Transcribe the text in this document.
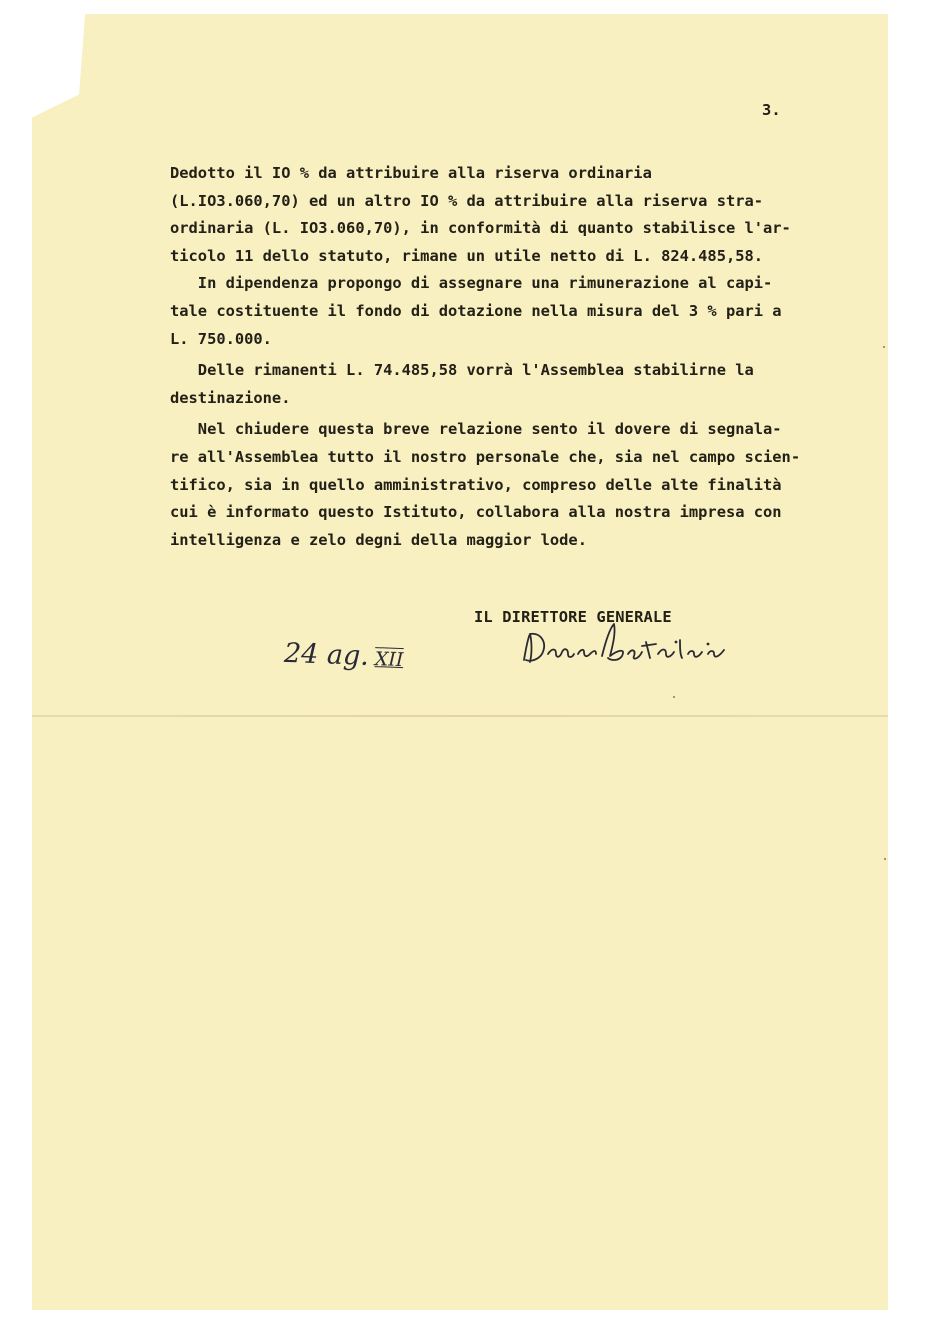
3.
Dedotto il IO % da attribuire alla riserva ordinaria
(L.IO3.060,70) ed un altro IO % da attribuire alla riserva stra-
ordinaria (L. IO3.060,70), in conformità di quanto stabilisce l'ar-
ticolo 11 dello statuto, rimane un utile netto di L. 824.485,58.
In dipendenza propongo di assegnare una rimunerazione al capi-
tale costituente il fondo di dotazione nella misura del 3 % pari a
L. 750.000.
Delle rimanenti L. 74.485,58 vorrà l'Assemblea stabilirne la
destinazione.
Nel chiudere questa breve relazione sento il dovere di segnala-
re all'Assemblea tutto il nostro personale che, sia nel campo scien-
tifico, sia in quello amministrativo, compreso delle alte finalità
cui è informato questo Istituto, collabora alla nostra impresa con
intelligenza e zelo degni della maggior lode.
IL DIRETTORE GENERALE
24 ag. XII
